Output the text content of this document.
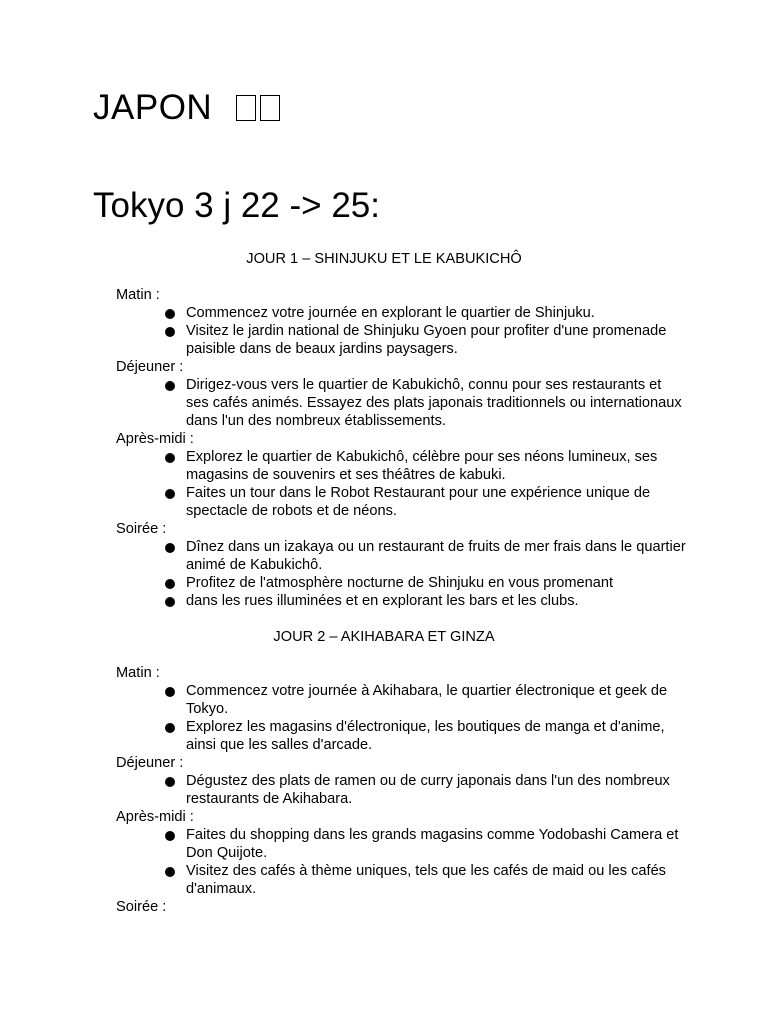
JAPON
Tokyo 3 j 22 -> 25:
JOUR 1 – SHINJUKU ET LE KABUKICHÔ
Matin :
Commencez votre journée en explorant le quartier de Shinjuku.
Visitez le jardin national de Shinjuku Gyoen pour profiter d'une promenade paisible dans de beaux jardins paysagers.
Déjeuner :
Dirigez-vous vers le quartier de Kabukichô, connu pour ses restaurants et ses cafés animés. Essayez des plats japonais traditionnels ou internationaux dans l'un des nombreux établissements.
Après-midi :
Explorez le quartier de Kabukichô, célèbre pour ses néons lumineux, ses magasins de souvenirs et ses théâtres de kabuki.
Faites un tour dans le Robot Restaurant pour une expérience unique de spectacle de robots et de néons.
Soirée :
Dînez dans un izakaya ou un restaurant de fruits de mer frais dans le quartier animé de Kabukichô.
Profitez de l'atmosphère nocturne de Shinjuku en vous promenant
dans les rues illuminées et en explorant les bars et les clubs.
JOUR 2 – AKIHABARA ET GINZA
Matin :
Commencez votre journée à Akihabara, le quartier électronique et geek de Tokyo.
Explorez les magasins d'électronique, les boutiques de manga et d'anime, ainsi que les salles d'arcade.
Déjeuner :
Dégustez des plats de ramen ou de curry japonais dans l'un des nombreux restaurants de Akihabara.
Après-midi :
Faites du shopping dans les grands magasins comme Yodobashi Camera et Don Quijote.
Visitez des cafés à thème uniques, tels que les cafés de maid ou les cafés d'animaux.
Soirée :
